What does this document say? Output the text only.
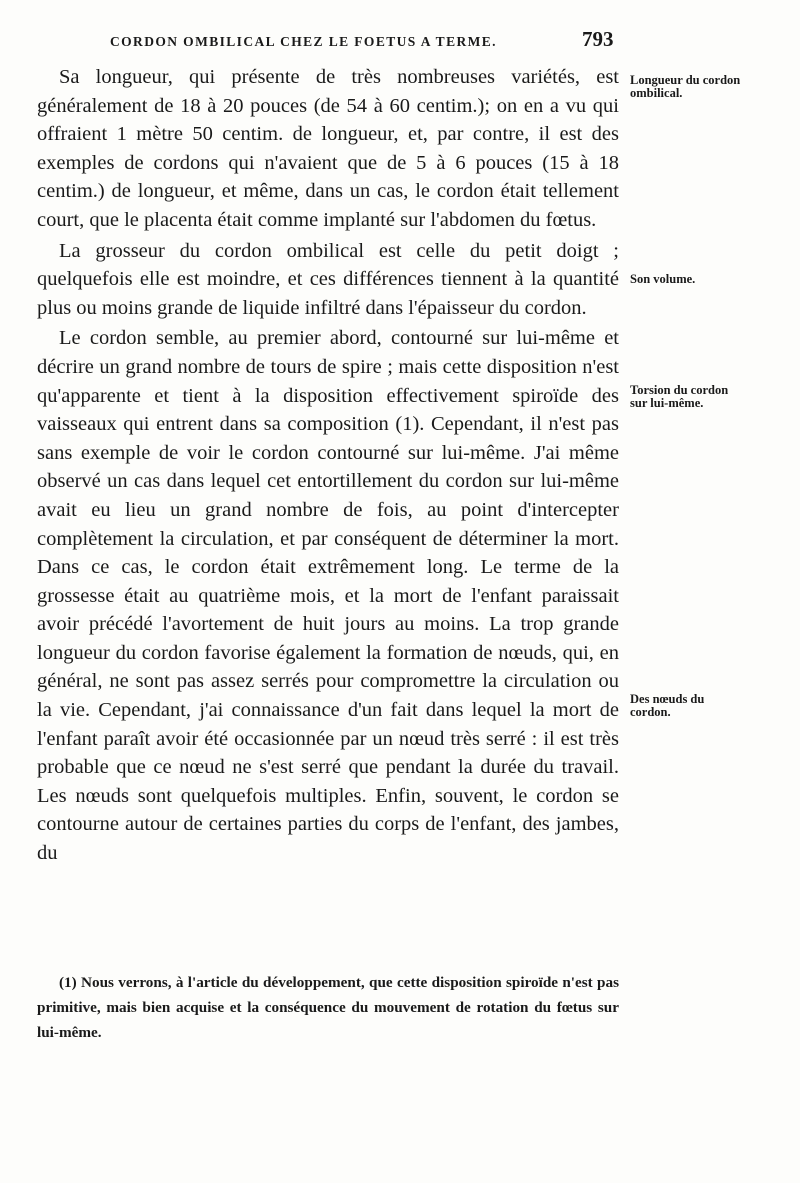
CORDON OMBILICAL CHEZ LE FOETUS A TERME.	793

Sa longueur, qui présente de très nombreuses variétés, est généralement de 18 à 20 pouces (de 54 à 60 centim.); on en a vu qui offraient 1 mètre 50 centim. de longueur, et, par contre, il est des exemples de cordons qui n'avaient que de 5 à 6 pouces (15 à 18 centim.) de longueur, et même, dans un cas, le cordon était tellement court, que le placenta était comme implanté sur l'abdomen du fœtus.

La grosseur du cordon ombilical est celle du petit doigt ; quelquefois elle est moindre, et ces différences tiennent à la quantité plus ou moins grande de liquide infiltré dans l'épaisseur du cordon.

Le cordon semble, au premier abord, contourné sur lui-même et décrire un grand nombre de tours de spire ; mais cette disposition n'est qu'apparente et tient à la disposition effectivement spiroïde des vaisseaux qui entrent dans sa composition (1). Cependant, il n'est pas sans exemple de voir le cordon contourné sur lui-même. J'ai même observé un cas dans lequel cet entortillement du cordon sur lui-même avait eu lieu un grand nombre de fois, au point d'intercepter complètement la circulation, et par conséquent de déterminer la mort. Dans ce cas, le cordon était extrêmement long. Le terme de la grossesse était au quatrième mois, et la mort de l'enfant paraissait avoir précédé l'avortement de huit jours au moins. La trop grande longueur du cordon favorise également la formation de nœuds, qui, en général, ne sont pas assez serrés pour compromettre la circulation ou la vie. Cependant, j'ai connaissance d'un fait dans lequel la mort de l'enfant paraît avoir été occasionnée par un nœud très serré : il est très probable que ce nœud ne s'est serré que pendant la durée du travail. Les nœuds sont quelquefois multiples. Enfin, souvent, le cordon se contourne autour de certaines parties du corps de l'enfant, des jambes, du

Longueur du cordon ombilical.
Son volume.
Torsion du cordon sur lui-même.
Des nœuds du cordon.

(1) Nous verrons, à l'article du développement, que cette disposition spiroïde n'est pas primitive, mais bien acquise et la conséquence du mouvement de rotation du fœtus sur lui-même.
